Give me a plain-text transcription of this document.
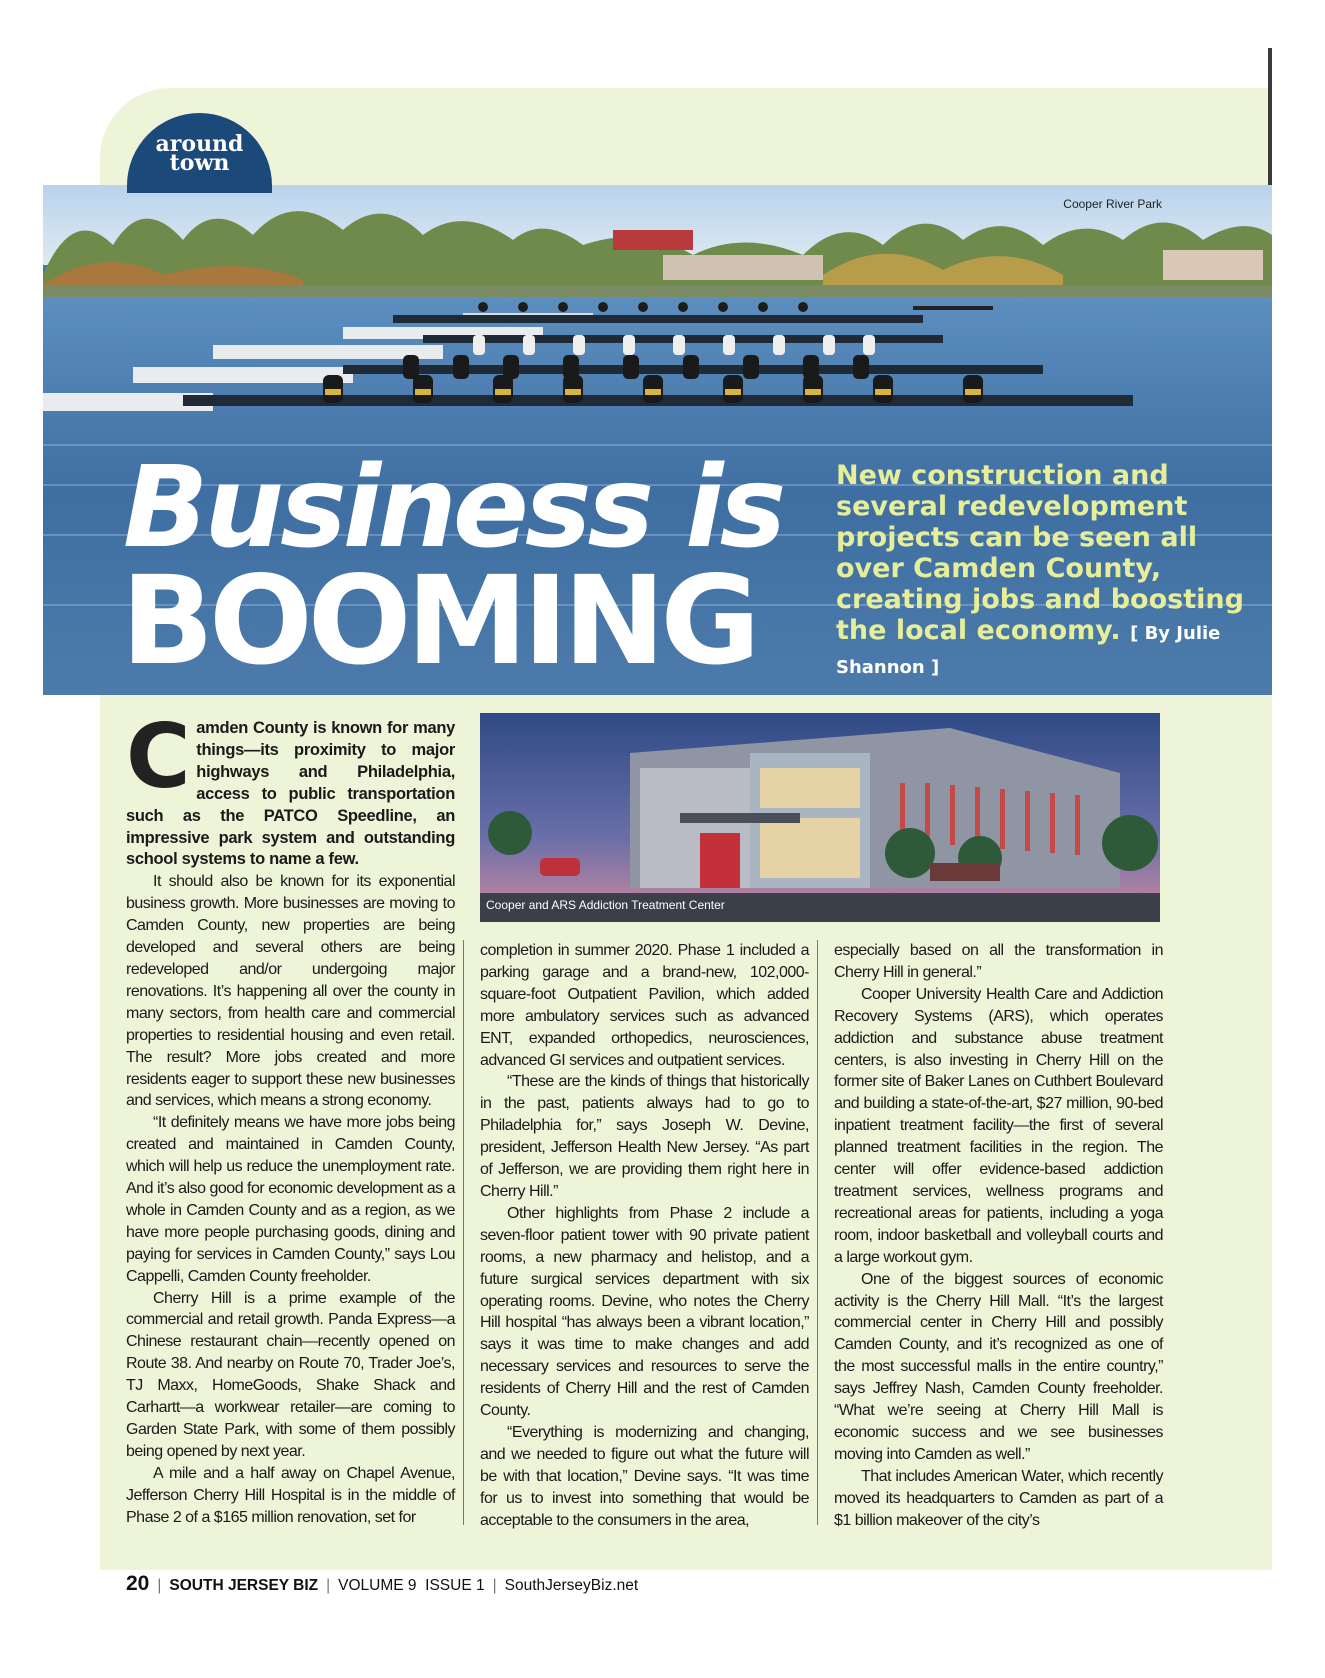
Cooper River Park
Business is
BOOMING
New construction and several redevelopment projects can be seen all over Camden County, creating jobs and boosting the local economy. [ By Julie Shannon ]
around
town

Camden County is known for many things—its proximity to major highways and Philadelphia, access to public transportation such as the PATCO Speedline, an impressive park system and outstanding school systems to name a few.

It should also be known for its exponential business growth. More businesses are moving to Camden County, new properties are being developed and several others are being redeveloped and/or undergoing major renovations. It’s happening all over the county in many sectors, from health care and commercial properties to residential housing and even retail. The result? More jobs created and more residents eager to support these new businesses and services, which means a strong economy.

“It definitely means we have more jobs being created and maintained in Camden County, which will help us reduce the unemployment rate. And it’s also good for economic development as a whole in Camden County and as a region, as we have more people purchasing goods, dining and paying for services in Camden County,” says Lou Cappelli, Camden County freeholder.

Cherry Hill is a prime example of the commercial and retail growth. Panda Express—a Chinese restaurant chain—recently opened on Route 38. And nearby on Route 70, Trader Joe’s, TJ Maxx, HomeGoods, Shake Shack and Carhartt—a workwear retailer—are coming to Garden State Park, with some of them possibly being opened by next year.

A mile and a half away on Chapel Avenue, Jefferson Cherry Hill Hospital is in the middle of Phase 2 of a $165 million renovation, set for

Cooper and ARS Addiction Treatment Center

completion in summer 2020. Phase 1 included a parking garage and a brand-new, 102,000-square-foot Outpatient Pavilion, which added more ambulatory services such as advanced ENT, expanded orthopedics, neurosciences, advanced GI services and outpatient services.

“These are the kinds of things that historically in the past, patients always had to go to Philadelphia for,” says Joseph W. Devine, president, Jefferson Health New Jersey. “As part of Jefferson, we are providing them right here in Cherry Hill.”

Other highlights from Phase 2 include a seven-floor patient tower with 90 private patient rooms, a new pharmacy and helistop, and a future surgical services department with six operating rooms. Devine, who notes the Cherry Hill hospital “has always been a vibrant location,” says it was time to make changes and add necessary services and resources to serve the residents of Cherry Hill and the rest of Camden County.

“Everything is modernizing and changing, and we needed to figure out what the future will be with that location,” Devine says. “It was time for us to invest into something that would be acceptable to the consumers in the area,

especially based on all the transformation in Cherry Hill in general.”

Cooper University Health Care and Addiction Recovery Systems (ARS), which operates addiction and substance abuse treatment centers, is also investing in Cherry Hill on the former site of Baker Lanes on Cuthbert Boulevard and building a state-of-the-art, $27 million, 90-bed inpatient treatment facility—the first of several planned treatment facilities in the region. The center will offer evidence-based addiction treatment services, wellness programs and recreational areas for patients, including a yoga room, indoor basketball and volleyball courts and a large workout gym.

One of the biggest sources of economic activity is the Cherry Hill Mall. “It’s the largest commercial center in Cherry Hill and possibly Camden County, and it’s recognized as one of the most successful malls in the entire country,” says Jeffrey Nash, Camden County freeholder. “What we’re seeing at Cherry Hill Mall is economic success and we see businesses moving into Camden as well.”

That includes American Water, which recently moved its headquarters to Camden as part of a $1 billion makeover of the city’s

20 | SOUTH JERSEY BIZ | VOLUME 9  ISSUE 1 | SouthJerseyBiz.net
